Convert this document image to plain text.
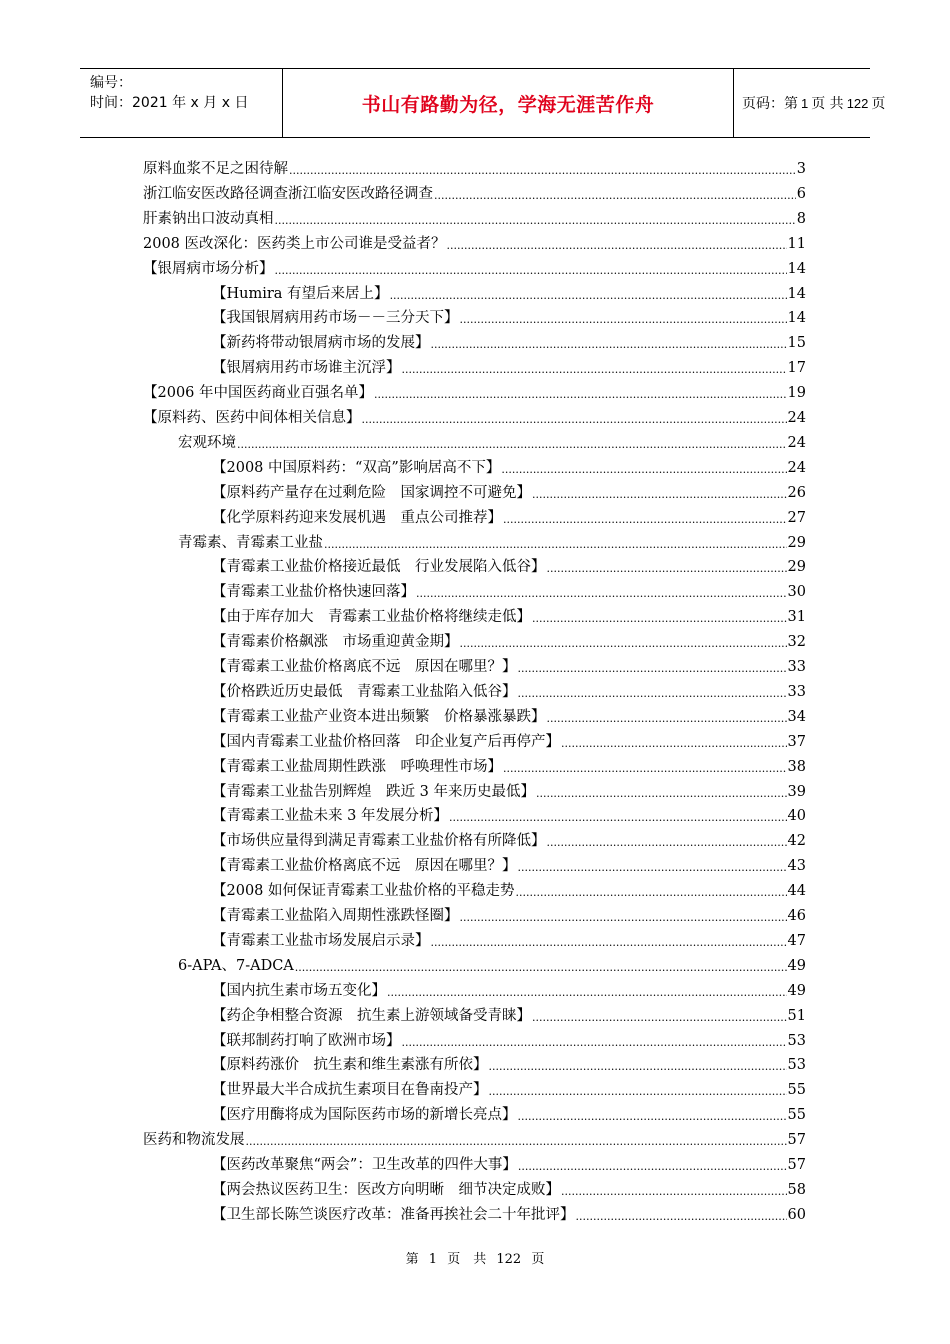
编号：
时间：2021 年 x 月 x 日	书山有路勤为径，学海无涯苦作舟	页码：第 1 页 共 122 页
原料血浆不足之困待解 .....	3
浙江临安医改路径调查浙江临安医改路径调查 .....	6
肝素钠出口波动真相 .....	8
2008 医改深化：医药类上市公司谁是受益者？ .....	11
【银屑病市场分析】 .....	14
【Humira 有望后来居上】 .....	14
【我国银屑病用药市场－－三分天下】 .....	14
【新药将带动银屑病市场的发展】 .....	15
【银屑病用药市场谁主沉浮】 .....	17
【2006 年中国医药商业百强名单】 .....	19
【原料药、医药中间体相关信息】 .....	24
宏观环境 .....	24
【2008 中国原料药：“双高”影响居高不下】 .....	24
【原料药产量存在过剩危险　国家调控不可避免】 .....	26
【化学原料药迎来发展机遇　重点公司推荐】 .....	27
青霉素、青霉素工业盐 .....	29
【青霉素工业盐价格接近最低　行业发展陷入低谷】 .....	29
【青霉素工业盐价格快速回落】 .....	30
【由于库存加大　青霉素工业盐价格将继续走低】 .....	31
【青霉素价格飙涨　市场重迎黄金期】 .....	32
【青霉素工业盐价格离底不远　原因在哪里？】 .....	33
【价格跌近历史最低　青霉素工业盐陷入低谷】 .....	33
【青霉素工业盐产业资本进出频繁　价格暴涨暴跌】 .....	34
【国内青霉素工业盐价格回落　印企业复产后再停产】 .....	37
【青霉素工业盐周期性跌涨　呼唤理性市场】 .....	38
【青霉素工业盐告别辉煌　跌近 3 年来历史最低】 .....	39
【青霉素工业盐未来 3 年发展分析】 .....	40
【市场供应量得到满足青霉素工业盐价格有所降低】 .....	42
【青霉素工业盐价格离底不远　原因在哪里？】 .....	43
【2008 如何保证青霉素工业盐价格的平稳走势 .....	44
【青霉素工业盐陷入周期性涨跌怪圈】 .....	46
【青霉素工业盐市场发展启示录】 .....	47
6-APA、7-ADCA .....	49
【国内抗生素市场五变化】 .....	49
【药企争相整合资源　抗生素上游领域备受青睐】 .....	51
【联邦制药打响了欧洲市场】 .....	53
【原料药涨价　抗生素和维生素涨有所依】 .....	53
【世界最大半合成抗生素项目在鲁南投产】 .....	55
【医疗用酶将成为国际医药市场的新增长亮点】 .....	55
医药和物流发展 .....	57
【医药改革聚焦“两会”：卫生改革的四件大事】 .....	57
【两会热议医药卫生：医改方向明晰　细节决定成败】 .....	58
【卫生部长陈竺谈医疗改革：准备再挨社会二十年批评】 .....	60
第 1 页　共 122 页
